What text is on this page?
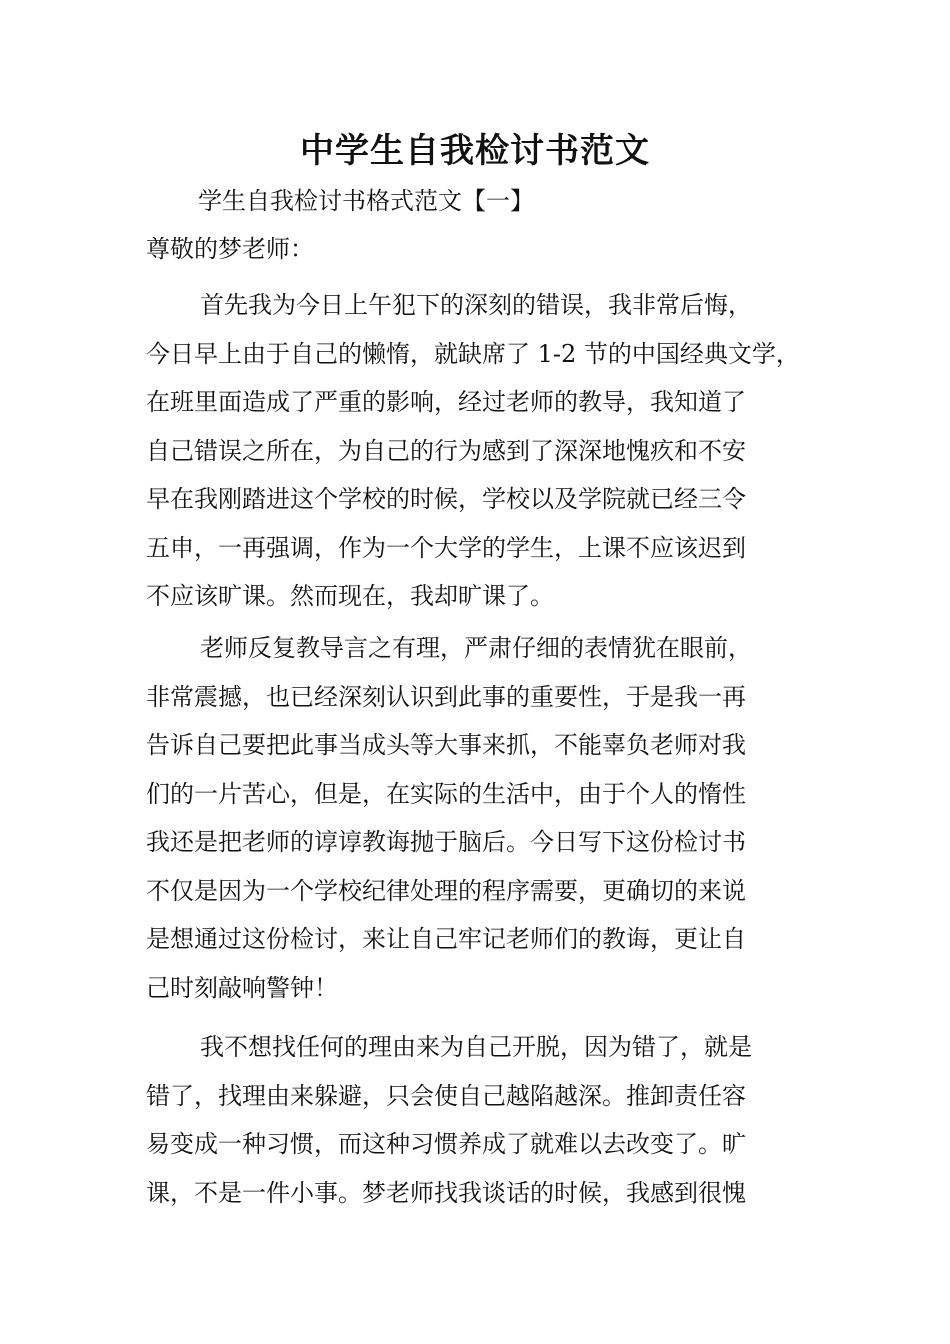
中学生自我检讨书范文

学生自我检讨书格式范文【一】

尊敬的梦老师：

首先我为今日上午犯下的深刻的错误，我非常后悔，
今日早上由于自己的懒惰，就缺席了 1-2 节的中国经典文学，
在班里面造成了严重的影响，经过老师的教导，我知道了
自己错误之所在，为自己的行为感到了深深地愧疚和不安
早在我刚踏进这个学校的时候，学校以及学院就已经三令
五申，一再强调，作为一个大学的学生，上课不应该迟到
不应该旷课。然而现在，我却旷课了。

老师反复教导言之有理，严肃仔细的表情犹在眼前，
非常震撼，也已经深刻认识到此事的重要性，于是我一再
告诉自己要把此事当成头等大事来抓，不能辜负老师对我
们的一片苦心，但是，在实际的生活中，由于个人的惰性
我还是把老师的谆谆教诲抛于脑后。今日写下这份检讨书
不仅是因为一个学校纪律处理的程序需要，更确切的来说
是想通过这份检讨，来让自己牢记老师们的教诲，更让自
己时刻敲响警钟！

我不想找任何的理由来为自己开脱，因为错了，就是
错了，找理由来躲避，只会使自己越陷越深。推卸责任容
易变成一种习惯，而这种习惯养成了就难以去改变了。旷
课，不是一件小事。梦老师找我谈话的时候，我感到很愧
